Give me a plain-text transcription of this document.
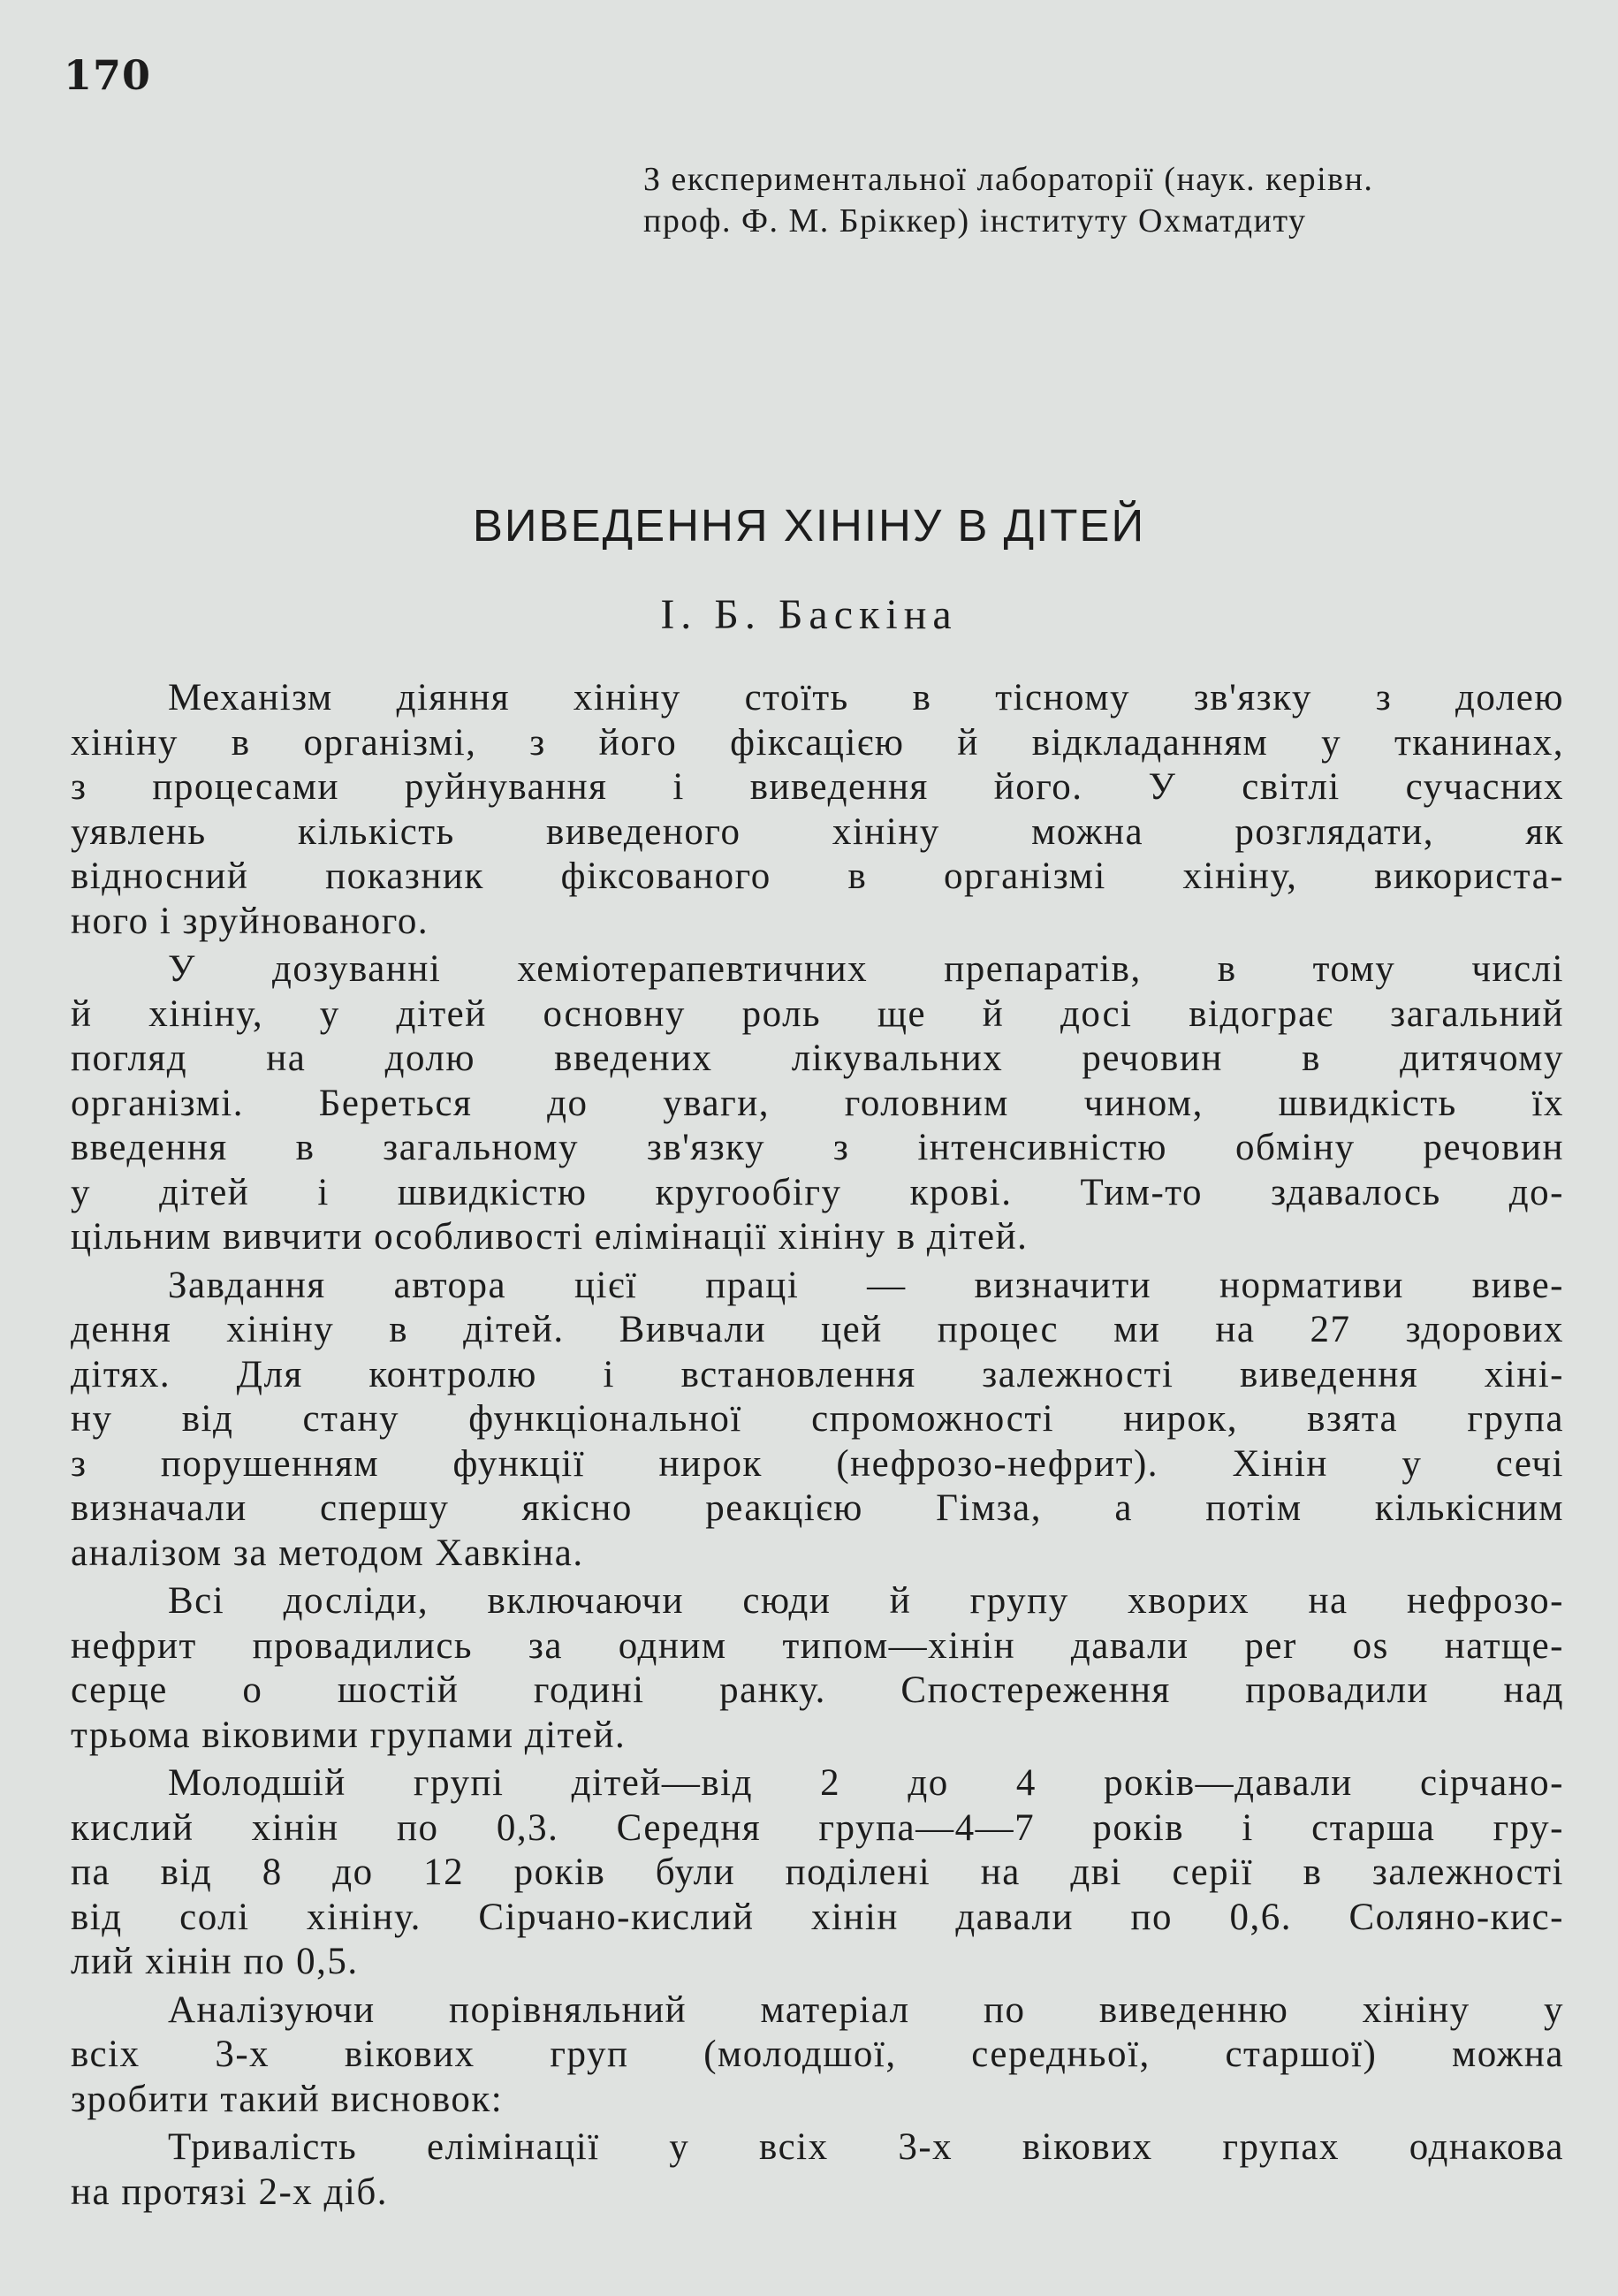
170
З експериментальної лабораторії (наук. керівн.
проф. Ф. М. Бріккер) інституту Охматдиту
ВИВЕДЕННЯ ХІНІНУ В ДІТЕЙ
І. Б. Баскіна
Механізм діяння хініну стоїть в тісному зв'язку з долею
хініну в організмі, з його фіксацією й відкладанням у тканинах,
з процесами руйнування і виведення його. У світлі сучасних
уявлень кількість виведеного хініну можна розглядати, як
відносний показник фіксованого в організмі хініну, використа-
ного і зруйнованого.
У дозуванні хеміотерапевтичних препаратів, в тому числі
й хініну, у дітей основну роль ще й досі відограє загальний
погляд на долю введених лікувальних речовин в дитячому
організмі. Береться до уваги, головним чином, швидкість їх
введення в загальному зв'язку з інтенсивністю обміну речовин
у дітей і швидкістю кругообігу крові. Тим-то здавалось до-
цільним вивчити особливості елімінації хініну в дітей.
Завдання автора цієї праці — визначити нормативи виве-
дення хініну в дітей. Вивчали цей процес ми на 27 здорових
дітях. Для контролю і встановлення залежності виведення хіні-
ну від стану функціональної спроможності нирок, взята група
з порушенням функції нирок (нефрозо-нефрит). Хінін у сечі
визначали спершу якісно реакцією Гімза, а потім кількісним
аналізом за методом Хавкіна.
Всі досліди, включаючи сюди й групу хворих на нефрозо-
нефрит провадились за одним типом—хінін давали per os натще-
серце о шостій годині ранку. Спостереження провадили над
трьома віковими групами дітей.
Молодшій групі дітей—від 2 до 4 років—давали сірчано-
кислий хінін по 0,3. Середня група—4—7 років і старша гру-
па від 8 до 12 років були поділені на дві серії в залежності
від солі хініну. Сірчано-кислий хінін давали по 0,6. Соляно-кис-
лий хінін по 0,5.
Аналізуючи порівняльний матеріал по виведенню хініну у
всіх 3-х вікових груп (молодшої, середньої, старшої) можна
зробити такий висновок:
Тривалість елімінації у всіх 3-х вікових групах однакова
на протязі 2-х діб.
